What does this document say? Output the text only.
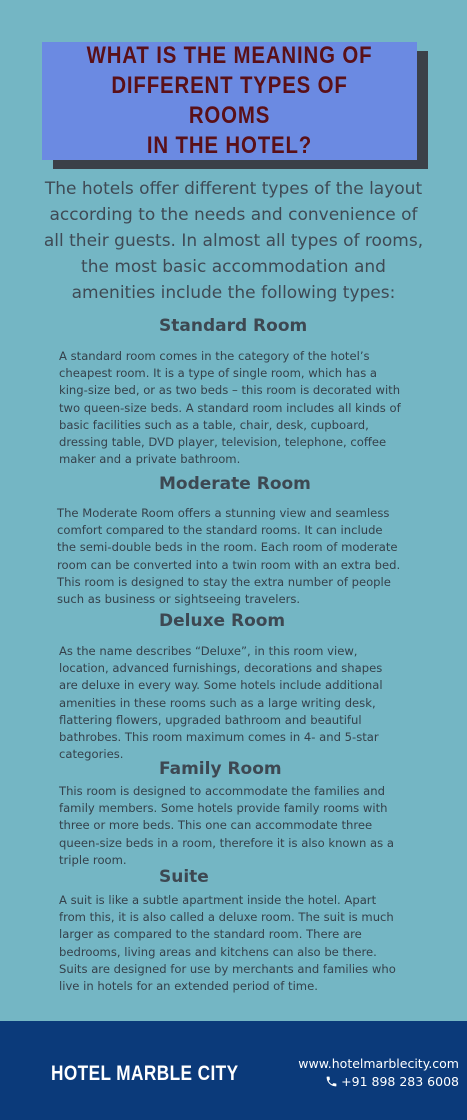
WHAT IS THE MEANING OF
DIFFERENT TYPES OF ROOMS
IN THE HOTEL?
The hotels offer different types of the layout according to the needs and convenience of all their guests. In almost all types of rooms, the most basic accommodation and amenities include the following types:
Standard Room
A standard room comes in the category of the hotel’s cheapest room. It is a type of single room, which has a king-size bed, or as two beds – this room is decorated with two queen-size beds. A standard room includes all kinds of basic facilities such as a table, chair, desk, cupboard, dressing table, DVD player, television, telephone, coffee maker and a private bathroom.
Moderate Room
The Moderate Room offers a stunning view and seamless comfort compared to the standard rooms. It can include the semi-double beds in the room. Each room of moderate room can be converted into a twin room with an extra bed. This room is designed to stay the extra number of people such as business or sightseeing travelers.
Deluxe Room
As the name describes “Deluxe”, in this room view, location, advanced furnishings, decorations and shapes are deluxe in every way. Some hotels include additional amenities in these rooms such as a large writing desk, flattering flowers, upgraded bathroom and beautiful bathrobes. This room maximum comes in 4- and 5-star categories.
Family Room
This room is designed to accommodate the families and family members. Some hotels provide family rooms with three or more beds. This one can accommodate three queen-size beds in a room, therefore it is also known as a triple room.
Suite
A suit is like a subtle apartment inside the hotel. Apart from this, it is also called a deluxe room. The suit is much larger as compared to the standard room. There are bedrooms, living areas and kitchens can also be there. Suits are designed for use by merchants and families who live in hotels for an extended period of time.
HOTEL MARBLE CITY	www.hotelmarblecity.com
+91 898 283 6008
